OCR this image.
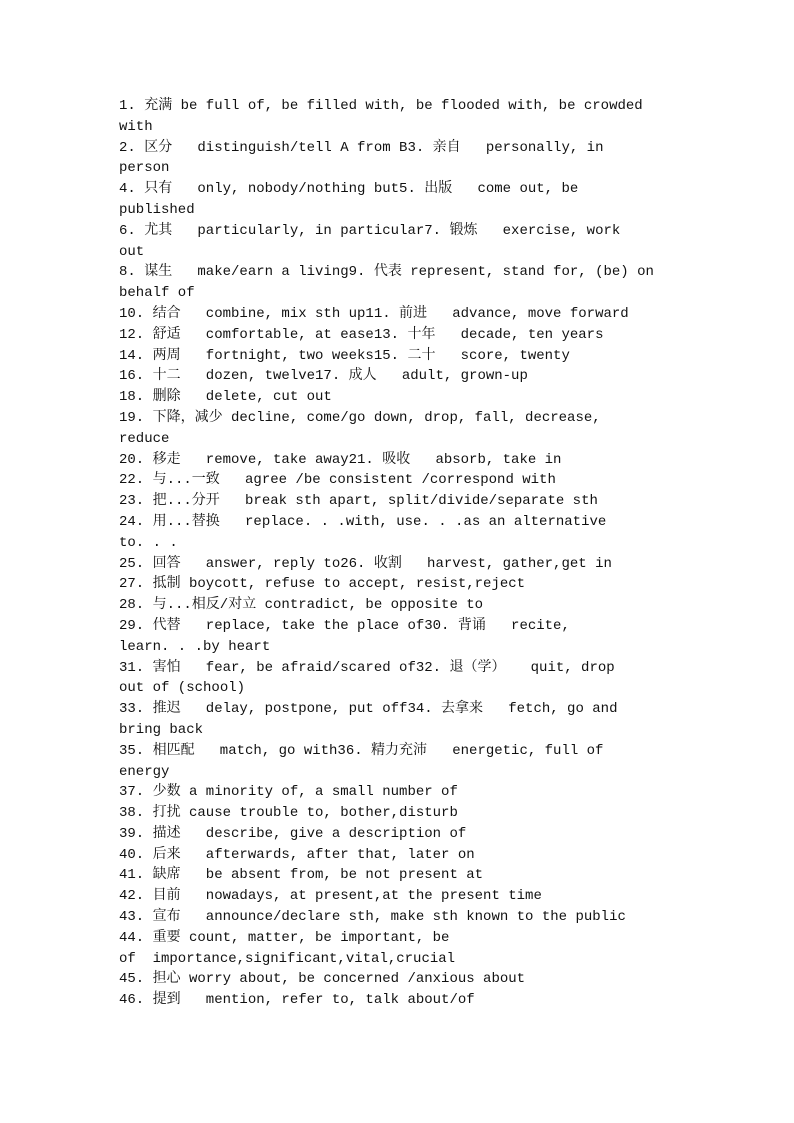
1. 充满 be full of, be filled with, be flooded with, be crowded
with
2. 区分   distinguish/tell A from B3. 亲自   personally, in
person
4. 只有   only, nobody/nothing but5. 出版   come out, be
published
6. 尤其   particularly, in particular7. 锻炼   exercise, work
out
8. 谋生   make/earn a living9. 代表 represent, stand for, (be) on
behalf of
10. 结合   combine, mix sth up11. 前进   advance, move forward
12. 舒适   comfortable, at ease13. 十年   decade, ten years
14. 两周   fortnight, two weeks15. 二十   score, twenty
16. 十二   dozen, twelve17. 成人   adult, grown-up
18. 删除   delete, cut out
19. 下降，减少 decline, come/go down, drop, fall, decrease,
reduce
20. 移走   remove, take away21. 吸收   absorb, take in
22. 与...一致   agree /be consistent /correspond with
23. 把...分开   break sth apart, split/divide/separate sth
24. 用...替换   replace. . .with, use. . .as an alternative
to. . .
25. 回答   answer, reply to26. 收割   harvest, gather,get in
27. 抵制 boycott, refuse to accept, resist,reject
28. 与...相反/对立 contradict, be opposite to
29. 代替   replace, take the place of30. 背诵   recite,
learn. . .by heart
31. 害怕   fear, be afraid/scared of32. 退（学）   quit, drop
out of (school)
33. 推迟   delay, postpone, put off34. 去拿来   fetch, go and
bring back
35. 相匹配   match, go with36. 精力充沛   energetic, full of
energy
37. 少数 a minority of, a small number of
38. 打扰 cause trouble to, bother,disturb
39. 描述   describe, give a description of
40. 后来   afterwards, after that, later on
41. 缺席   be absent from, be not present at
42. 目前   nowadays, at present,at the present time
43. 宣布   announce/declare sth, make sth known to the public
44. 重要 count, matter, be important, be
of  importance,significant,vital,crucial
45. 担心 worry about, be concerned /anxious about
46. 提到   mention, refer to, talk about/of
